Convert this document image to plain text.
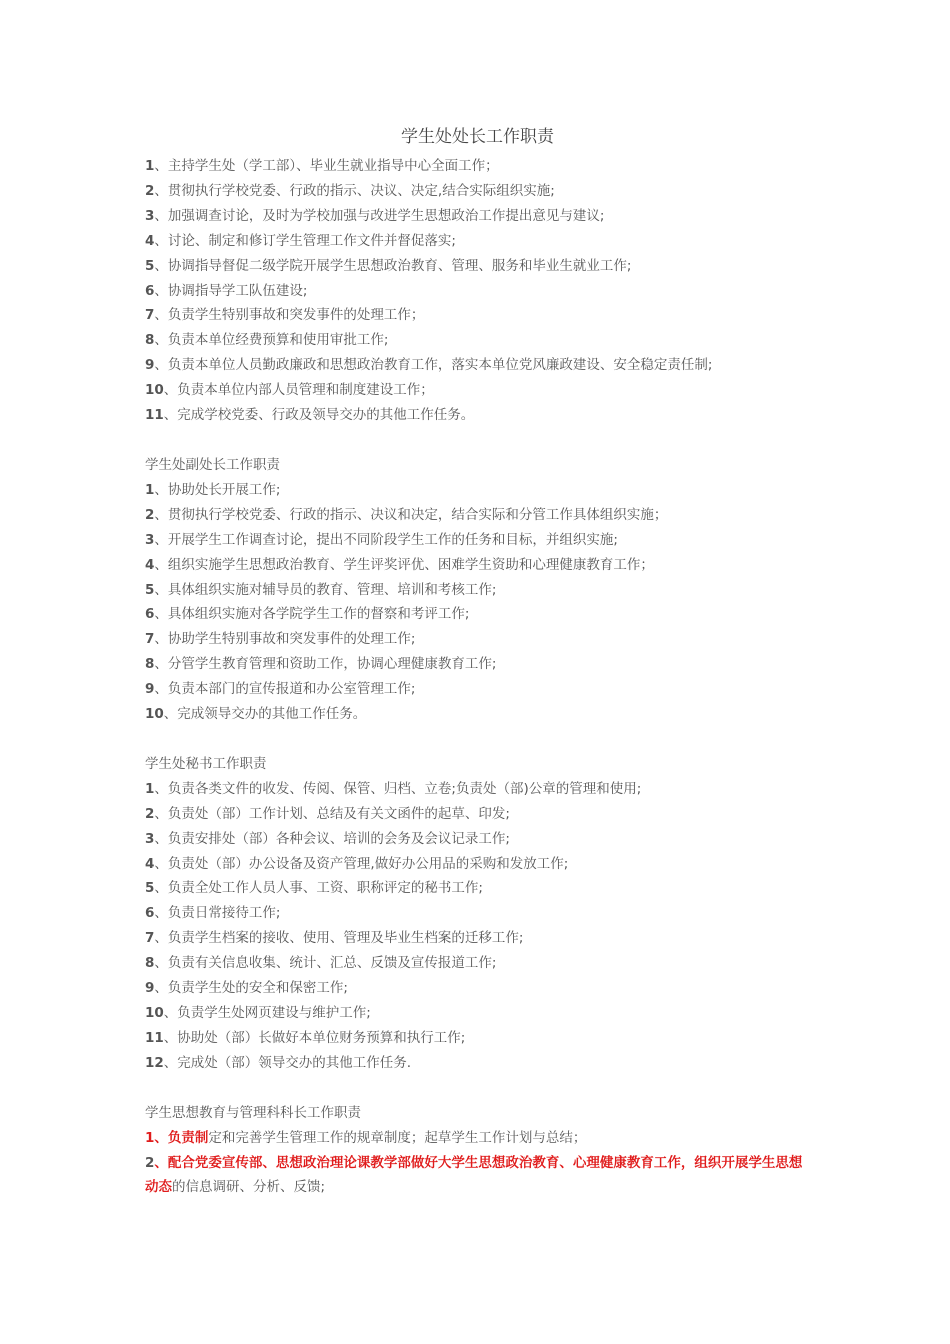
学生处处长工作职责
1、主持学生处（学工部）、毕业生就业指导中心全面工作；
2、贯彻执行学校党委、行政的指示、决议、决定,结合实际组织实施;
3、加强调查讨论，及时为学校加强与改进学生思想政治工作提出意见与建议;
4、讨论、制定和修订学生管理工作文件并督促落实;
5、协调指导督促二级学院开展学生思想政治教育、管理、服务和毕业生就业工作;
6、协调指导学工队伍建设;
7、负责学生特别事故和突发事件的处理工作；
8、负责本单位经费预算和使用审批工作;
9、负责本单位人员勤政廉政和思想政治教育工作，落实本单位党风廉政建设、安全稳定责任制;
10、负责本单位内部人员管理和制度建设工作；
11、完成学校党委、行政及领导交办的其他工作任务。
学生处副处长工作职责
1、协助处长开展工作;
2、贯彻执行学校党委、行政的指示、决议和决定，结合实际和分管工作具体组织实施；
3、开展学生工作调查讨论，提出不同阶段学生工作的任务和目标，并组织实施;
4、组织实施学生思想政治教育、学生评奖评优、困难学生资助和心理健康教育工作；
5、具体组织实施对辅导员的教育、管理、培训和考核工作;
6、具体组织实施对各学院学生工作的督察和考评工作;
7、协助学生特别事故和突发事件的处理工作;
8、分管学生教育管理和资助工作，协调心理健康教育工作;
9、负责本部门的宣传报道和办公室管理工作;
10、完成领导交办的其他工作任务。
学生处秘书工作职责
1、负责各类文件的收发、传阅、保管、归档、立卷;负责处（部)公章的管理和使用;
2、负责处（部）工作计划、总结及有关文函件的起草、印发;
3、负责安排处（部）各种会议、培训的会务及会议记录工作;
4、负责处（部）办公设备及资产管理,做好办公用品的采购和发放工作;
5、负责全处工作人员人事、工资、职称评定的秘书工作;
6、负责日常接待工作;
7、负责学生档案的接收、使用、管理及毕业生档案的迁移工作;
8、负责有关信息收集、统计、汇总、反馈及宣传报道工作;
9、负责学生处的安全和保密工作;
10、负责学生处网页建设与维护工作;
11、协助处（部）长做好本单位财务预算和执行工作;
12、完成处（部）领导交办的其他工作任务.
学生思想教育与管理科科长工作职责
1、负责制定和完善学生管理工作的规章制度；起草学生工作计划与总结；
2、配合党委宣传部、思想政治理论课教学部做好大学生思想政治教育、心理健康教育工作，组织开展学生思想动态的信息调研、分析、反馈;
